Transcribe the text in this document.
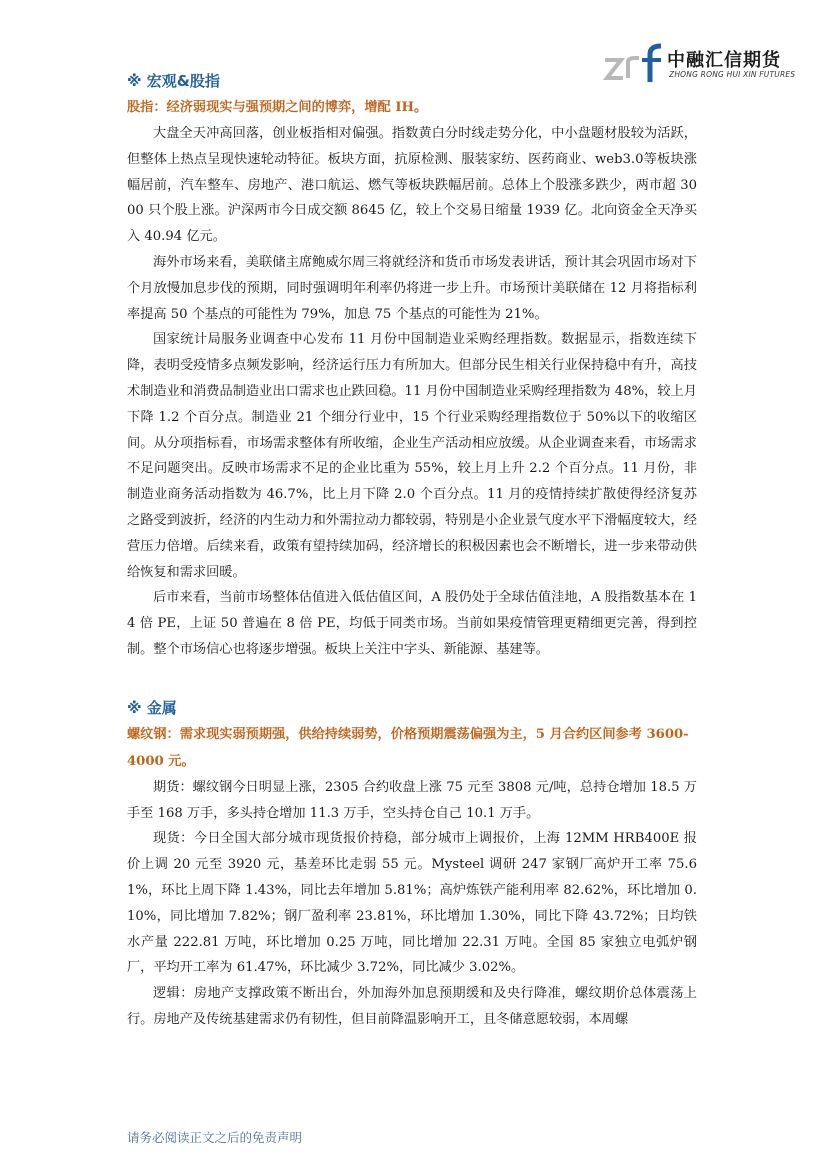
中融汇信期货
ZHONG RONG HUI XIN FUTURES
※ 宏观&股指
股指：经济弱现实与强预期之间的博弈，增配 IH。

大盘全天冲高回落，创业板指相对偏强。指数黄白分时线走势分化，中小盘题材股较为活跃，但整体上热点呈现快速轮动特征。板块方面，抗原检测、服装家纺、医药商业、web3.0等板块涨幅居前，汽车整车、房地产、港口航运、燃气等板块跌幅居前。总体上个股涨多跌少，两市超 3000 只个股上涨。沪深两市今日成交额 8645 亿，较上个交易日缩量 1939 亿。北向资金全天净买入 40.94 亿元。

海外市场来看，美联储主席鲍威尔周三将就经济和货币市场发表讲话，预计其会巩固市场对下个月放慢加息步伐的预期，同时强调明年利率仍将进一步上升。市场预计美联储在 12 月将指标利率提高 50 个基点的可能性为 79%，加息 75 个基点的可能性为 21%。

国家统计局服务业调查中心发布 11 月份中国制造业采购经理指数。数据显示，指数连续下降，表明受疫情多点频发影响，经济运行压力有所加大。但部分民生相关行业保持稳中有升，高技术制造业和消费品制造业出口需求也止跌回稳。11 月份中国制造业采购经理指数为 48%，较上月下降 1.2 个百分点。制造业 21 个细分行业中，15 个行业采购经理指数位于 50%以下的收缩区间。从分项指标看，市场需求整体有所收缩，企业生产活动相应放缓。从企业调查来看，市场需求不足问题突出。反映市场需求不足的企业比重为 55%，较上月上升 2.2 个百分点。11 月份，非制造业商务活动指数为 46.7%，比上月下降 2.0 个百分点。11 月的疫情持续扩散使得经济复苏之路受到波折，经济的内生动力和外需拉动力都较弱，特别是小企业景气度水平下滑幅度较大，经营压力倍增。后续来看，政策有望持续加码，经济增长的积极因素也会不断增长，进一步来带动供给恢复和需求回暖。

后市来看，当前市场整体估值进入低估值区间，A 股仍处于全球估值洼地，A 股指数基本在 14 倍 PE，上证 50 普遍在 8 倍 PE，均低于同类市场。当前如果疫情管理更精细更完善，得到控制。整个市场信心也将逐步增强。板块上关注中字头、新能源、基建等。

※ 金属
螺纹钢：需求现实弱预期强，供给持续弱势，价格预期震荡偏强为主，5 月合约区间参考 3600-4000 元。

期货：螺纹钢今日明显上涨，2305 合约收盘上涨 75 元至 3808 元/吨，总持仓增加 18.5 万手至 168 万手，多头持仓增加 11.3 万手，空头持仓自己 10.1 万手。

现货：今日全国大部分城市现货报价持稳，部分城市上调报价，上海 12MM HRB400E 报价上调 20 元至 3920 元，基差环比走弱 55 元。Mysteel 调研 247 家钢厂高炉开工率 75.61%，环比上周下降 1.43%，同比去年增加 5.81%；高炉炼铁产能利用率 82.62%，环比增加 0.10%，同比增加 7.82%；钢厂盈利率 23.81%，环比增加 1.30%，同比下降 43.72%；日均铁水产量 222.81 万吨，环比增加 0.25 万吨，同比增加 22.31 万吨。全国 85 家独立电弧炉钢厂，平均开工率为 61.47%，环比减少 3.72%，同比减少 3.02%。

逻辑：房地产支撑政策不断出台，外加海外加息预期缓和及央行降准，螺纹期价总体震荡上行。房地产及传统基建需求仍有韧性，但目前降温影响开工，且冬储意愿较弱，本周螺

请务必阅读正文之后的免责声明
